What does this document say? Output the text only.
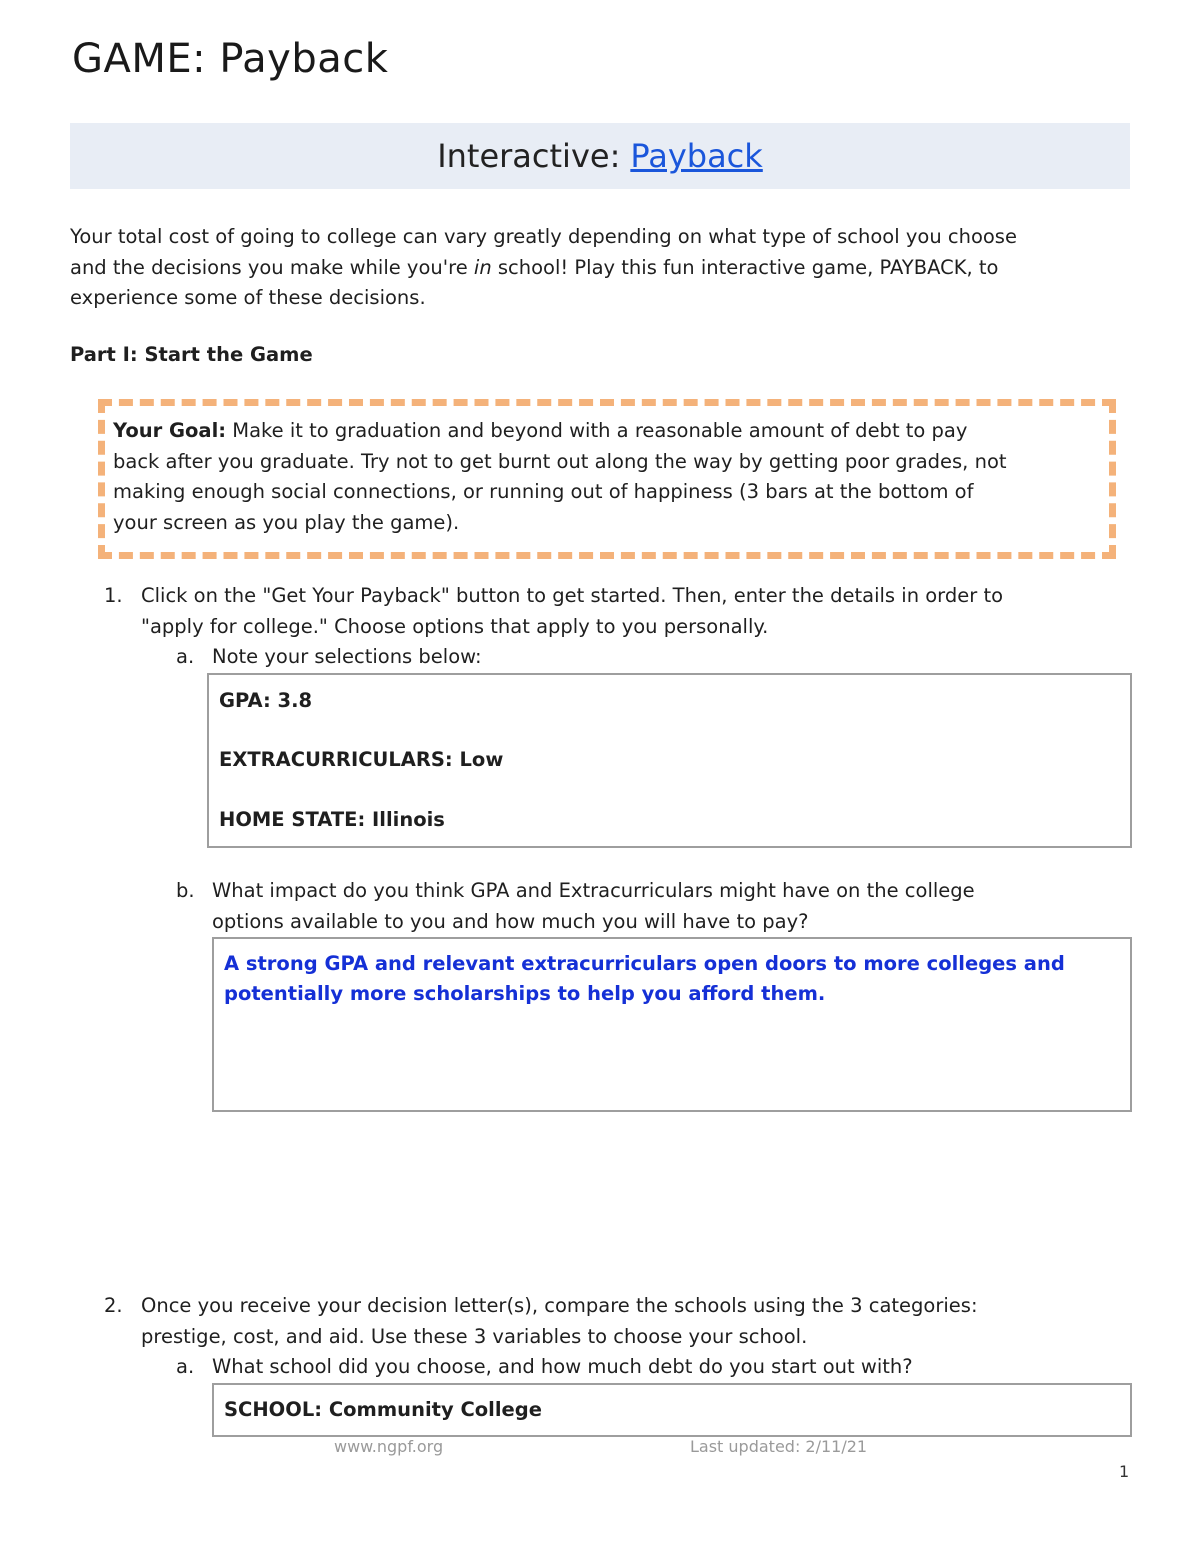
GAME: Payback
Interactive: Payback
Your total cost of going to college can vary greatly depending on what type of school you choose
and the decisions you make while you're in school! Play this fun interactive game, PAYBACK, to
experience some of these decisions.
Part I: Start the Game
Your Goal: Make it to graduation and beyond with a reasonable amount of debt to pay
back after you graduate. Try not to get burnt out along the way by getting poor grades, not
making enough social connections, or running out of happiness (3 bars at the bottom of
your screen as you play the game).
1. Click on the "Get Your Payback" button to get started. Then, enter the details in order to
"apply for college." Choose options that apply to you personally.
a. Note your selections below:
GPA: 3.8
EXTRACURRICULARS: Low
HOME STATE: Illinois
b. What impact do you think GPA and Extracurriculars might have on the college
options available to you and how much you will have to pay?
A strong GPA and relevant extracurriculars open doors to more colleges and
potentially more scholarships to help you afford them.
2. Once you receive your decision letter(s), compare the schools using the 3 categories:
prestige, cost, and aid. Use these 3 variables to choose your school.
a. What school did you choose, and how much debt do you start out with?
SCHOOL: Community College
www.ngpf.org	Last updated: 2/11/21
1
